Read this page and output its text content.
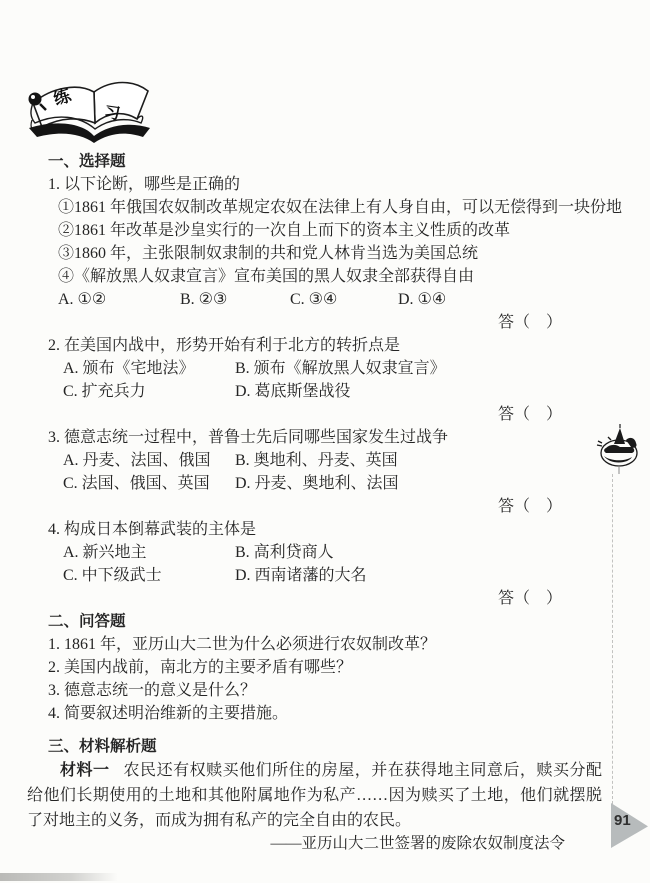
练
习
一、选择题
1. 以下论断，哪些是正确的
①1861 年俄国农奴制改革规定农奴在法律上有人身自由，可以无偿得到一块份地
②1861 年改革是沙皇实行的一次自上而下的资本主义性质的改革
③1860 年，主张限制奴隶制的共和党人林肯当选为美国总统
④《解放黑人奴隶宣言》宣布美国的黑人奴隶全部获得自由
A. ①②	B. ②③	C. ③④	D. ①④
答（　）
2. 在美国内战中，形势开始有利于北方的转折点是
A. 颁布《宅地法》	B. 颁布《解放黑人奴隶宣言》
C. 扩充兵力	D. 葛底斯堡战役
答（　）
3. 德意志统一过程中，普鲁士先后同哪些国家发生过战争
A. 丹麦、法国、俄国 B. 奥地利、丹麦、英国
C. 法国、俄国、英国 D. 丹麦、奥地利、法国
答（　）
4. 构成日本倒幕武装的主体是
A. 新兴地主	B. 高利贷商人
C. 中下级武士	D. 西南诸藩的大名
答（　）
二、问答题
1. 1861 年，亚历山大二世为什么必须进行农奴制改革？
2. 美国内战前，南北方的主要矛盾有哪些？
3. 德意志统一的意义是什么？
4. 简要叙述明治维新的主要措施。
三、材料解析题

材料一 农民还有权赎买他们所住的房屋，并在获得地主同意后，赎买分配给他们长期使用的土地和其他附属地作为私产……因为赎买了土地，他们就摆脱了对地主的义务，而成为拥有私产的完全自由的农民。

——亚历山大二世签署的废除农奴制度法令
91
